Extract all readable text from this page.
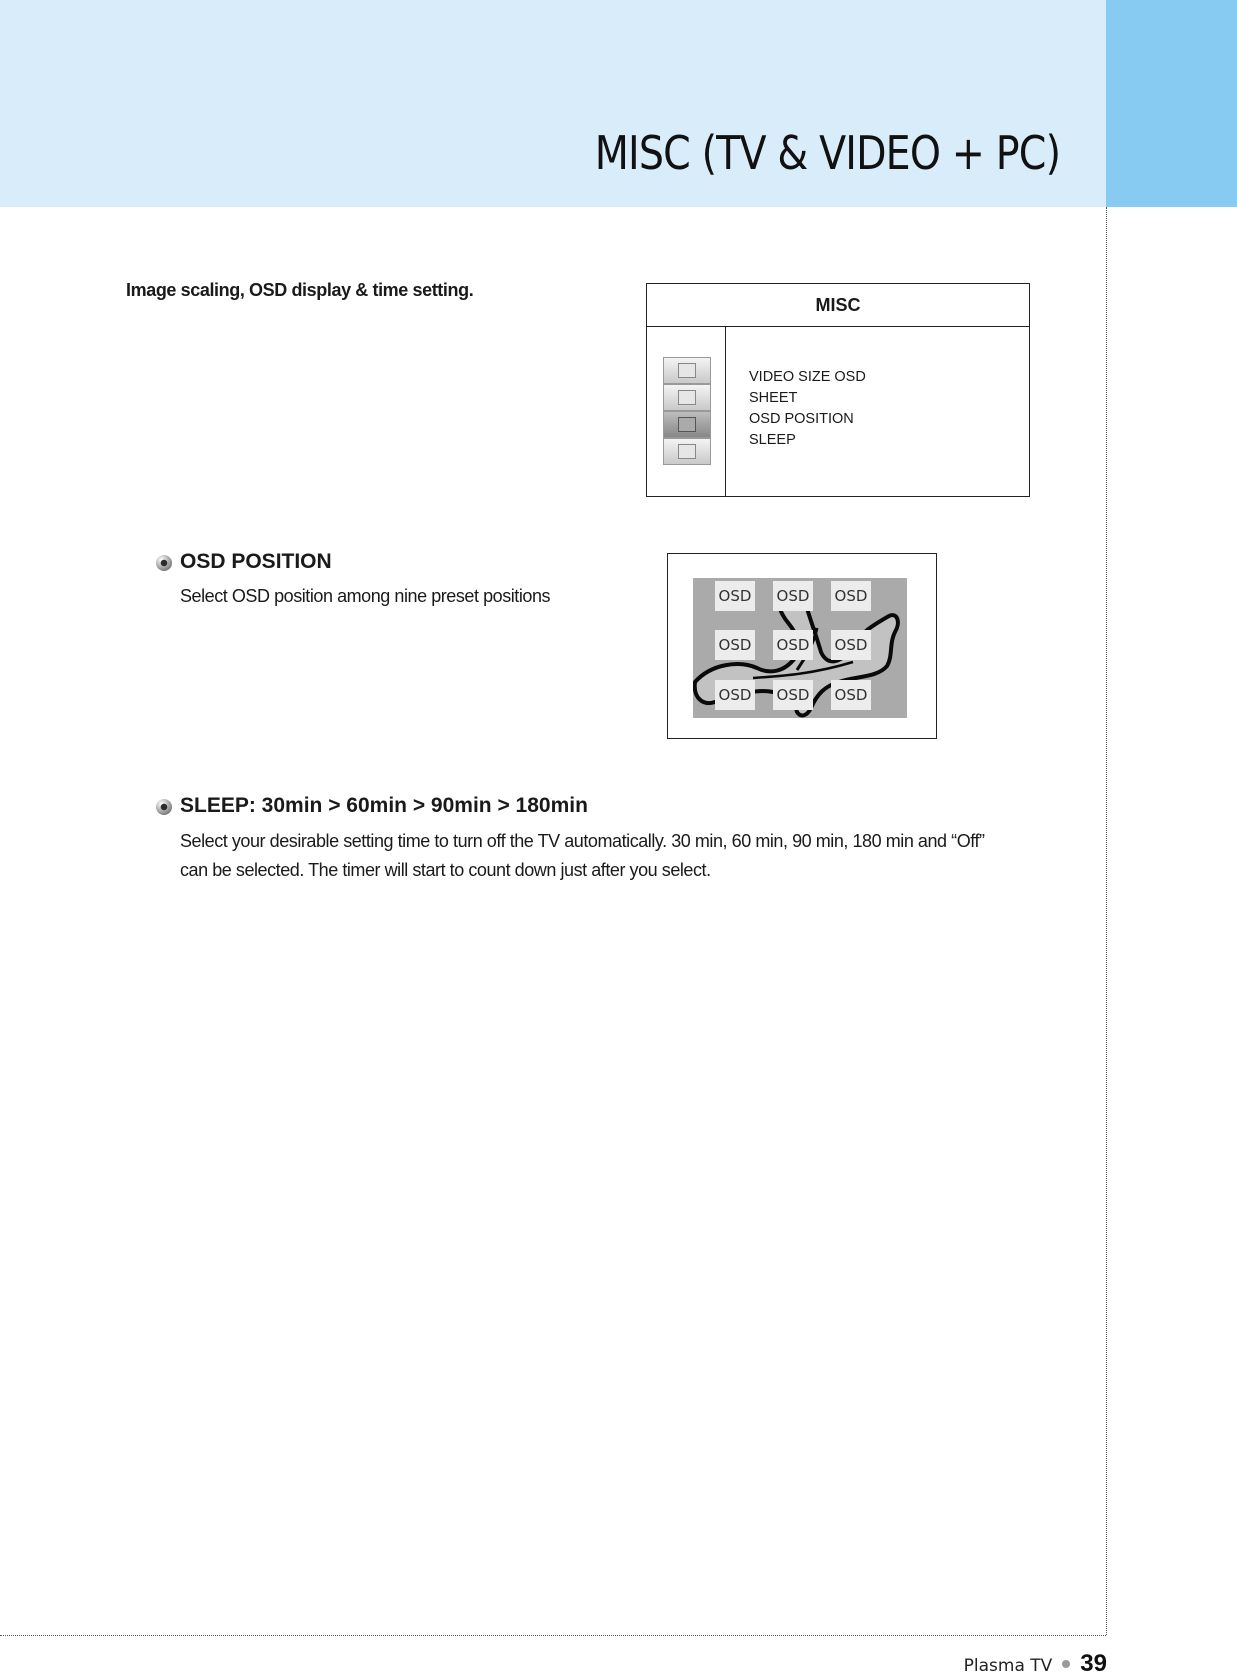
MISC (TV & VIDEO + PC)

Image scaling, OSD display & time setting.

MISC
VIDEO SIZE OSD
SHEET
OSD POSITION
SLEEP
OSD POSITION

Select OSD position among nine preset positions	OSD OSD OSD
OSD OSD OSD
OSD OSD OSD
SLEEP: 30min > 60min > 90min > 180min

Select your desirable setting time to turn off the TV automatically. 30 min, 60 min, 90 min, 180 min and “Off”

can be selected. The timer will start to count down just after you select.

Plasma TV 39
